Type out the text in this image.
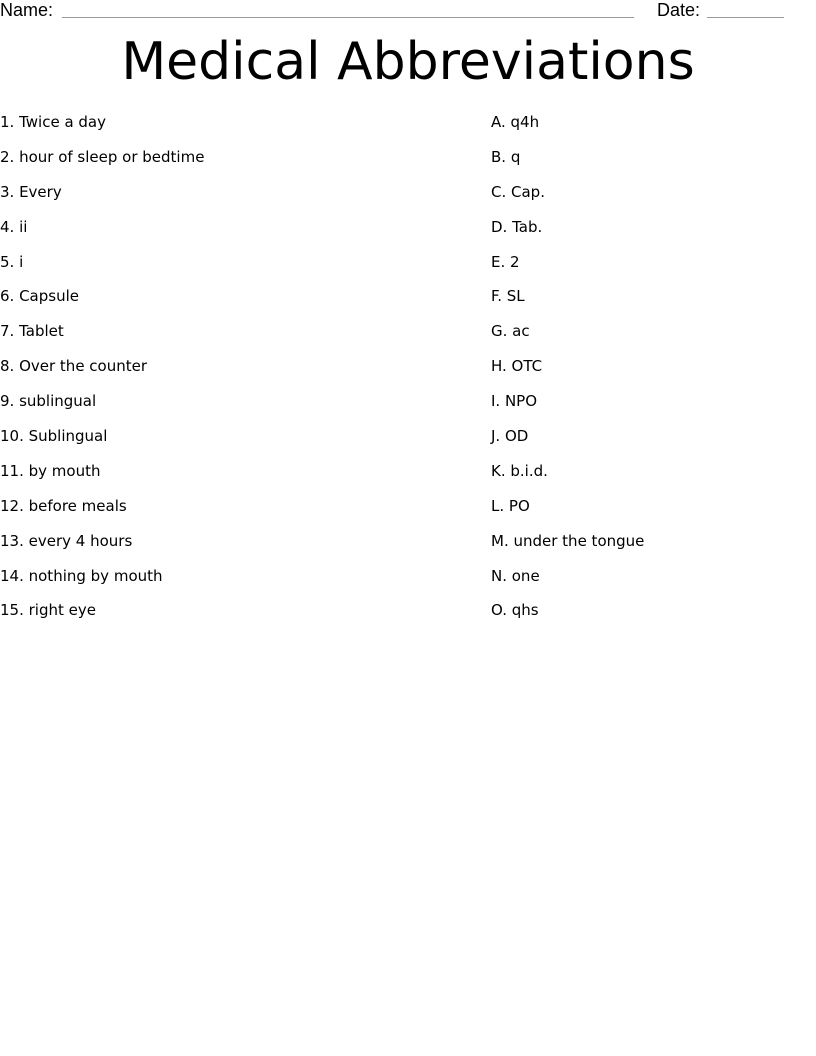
Name:	Date:
Medical Abbreviations
1. Twice a day
2. hour of sleep or bedtime
3. Every
4. ii
5. i
6. Capsule
7. Tablet
8. Over the counter
9. sublingual
10. Sublingual
11. by mouth
12. before meals
13. every 4 hours
14. nothing by mouth
15. right eye
A. q4h
B. q
C. Cap.
D. Tab.
E. 2
F. SL
G. ac
H. OTC
I. NPO
J. OD
K. b.i.d.
L. PO
M. under the tongue
N. one
O. qhs
